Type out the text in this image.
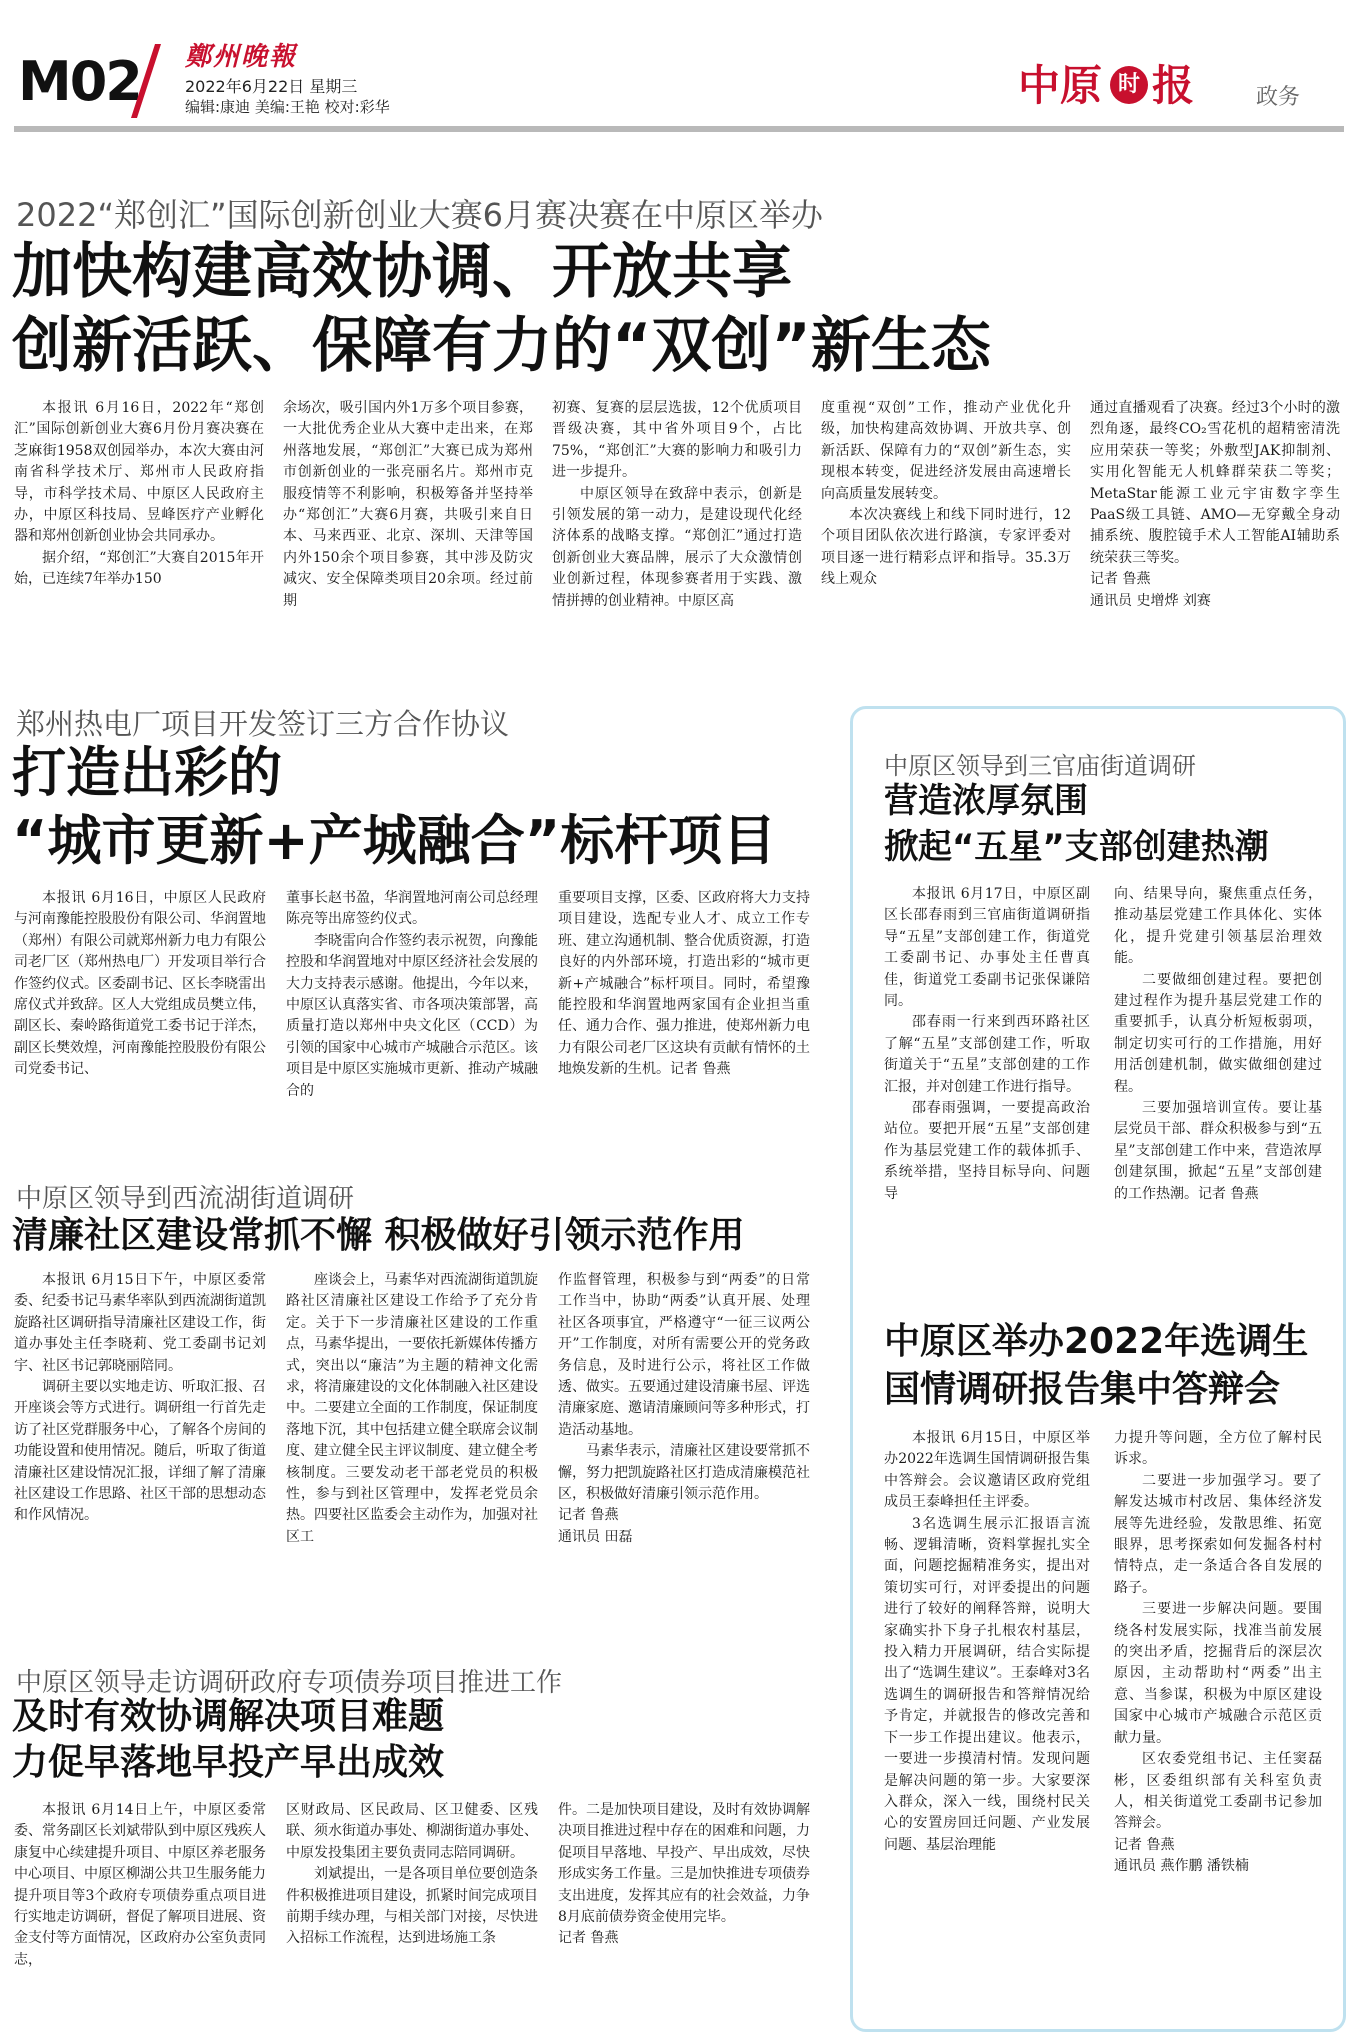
M02 鄭州晚報
2022年6月22日 星期三
编辑:康迪 美编:王艳 校对:彩华	中原 时 报	政务
2022“郑创汇”国际创新创业大赛6月赛决赛在中原区举办
加快构建高效协调、开放共享
创新活跃、保障有力的“双创”新生态

本报讯 6月16日，2022年“郑创汇”国际创新创业大赛6月份月赛决赛在芝麻街1958双创园举办，本次大赛由河南省科学技术厅、郑州市人民政府指导，市科学技术局、中原区人民政府主办，中原区科技局、昱峰医疗产业孵化器和郑州创新创业协会共同承办。

据介绍，“郑创汇”大赛自2015年开始，已连续7年举办150

余场次，吸引国内外1万多个项目参赛，一大批优秀企业从大赛中走出来，在郑州落地发展，“郑创汇”大赛已成为郑州市创新创业的一张亮丽名片。郑州市克服疫情等不利影响，积极筹备并坚持举办“郑创汇”大赛6月赛，共吸引来自日本、马来西亚、北京、深圳、天津等国内外150余个项目参赛，其中涉及防灾减灾、安全保障类项目20余项。经过前期

初赛、复赛的层层选拔，12个优质项目晋级决赛，其中省外项目9个，占比75%，“郑创汇”大赛的影响力和吸引力进一步提升。

中原区领导在致辞中表示，创新是引领发展的第一动力，是建设现代化经济体系的战略支撑。“郑创汇”通过打造创新创业大赛品牌，展示了大众激情创业创新过程，体现参赛者用于实践、激情拼搏的创业精神。中原区高

度重视“双创”工作，推动产业优化升级，加快构建高效协调、开放共享、创新活跃、保障有力的“双创”新生态，实现根本转变，促进经济发展由高速增长向高质量发展转变。

本次决赛线上和线下同时进行，12个项目团队依次进行路演，专家评委对项目逐一进行精彩点评和指导。35.3万线上观众

通过直播观看了决赛。经过3个小时的激烈角逐，最终CO₂雪花机的超精密清洗应用荣获一等奖；外敷型JAK抑制剂、实用化智能无人机蜂群荣获二等奖；MetaStar能源工业元宇宙数字孪生PaaS级工具链、AMO—无穿戴全身动捕系统、腹腔镜手术人工智能AI辅助系统荣获三等奖。

记者 鲁燕

通讯员 史增烨 刘赛

郑州热电厂项目开发签订三方合作协议
打造出彩的
“城市更新+产城融合”标杆项目

本报讯 6月16日，中原区人民政府与河南豫能控股股份有限公司、华润置地（郑州）有限公司就郑州新力电力有限公司老厂区（郑州热电厂）开发项目举行合作签约仪式。区委副书记、区长李晓雷出席仪式并致辞。区人大党组成员樊立伟，副区长、秦岭路街道党工委书记于洋杰，副区长樊效煌，河南豫能控股股份有限公司党委书记、

董事长赵书盈，华润置地河南公司总经理陈亮等出席签约仪式。

李晓雷向合作签约表示祝贺，向豫能控股和华润置地对中原区经济社会发展的大力支持表示感谢。他提出，今年以来，中原区认真落实省、市各项决策部署，高质量打造以郑州中央文化区（CCD）为引领的国家中心城市产城融合示范区。该项目是中原区实施城市更新、推动产城融合的

重要项目支撑，区委、区政府将大力支持项目建设，选配专业人才、成立工作专班、建立沟通机制、整合优质资源，打造良好的内外部环境，打造出彩的“城市更新+产城融合”标杆项目。同时，希望豫能控股和华润置地两家国有企业担当重任、通力合作、强力推进，使郑州新力电力有限公司老厂区这块有贡献有情怀的土地焕发新的生机。记者 鲁燕

中原区领导到西流湖街道调研
清廉社区建设常抓不懈 积极做好引领示范作用

本报讯 6月15日下午，中原区委常委、纪委书记马素华率队到西流湖街道凯旋路社区调研指导清廉社区建设工作，街道办事处主任李晓莉、党工委副书记刘宇、社区书记郭晓丽陪同。

调研主要以实地走访、听取汇报、召开座谈会等方式进行。调研组一行首先走访了社区党群服务中心，了解各个房间的功能设置和使用情况。随后，听取了街道清廉社区建设情况汇报，详细了解了清廉社区建设工作思路、社区干部的思想动态和作风情况。

座谈会上，马素华对西流湖街道凯旋路社区清廉社区建设工作给予了充分肯定。关于下一步清廉社区建设的工作重点，马素华提出，一要依托新媒体传播方式，突出以“廉洁”为主题的精神文化需求，将清廉建设的文化体制融入社区建设中。二要建立全面的工作制度，保证制度落地下沉，其中包括建立健全联席会议制度、建立健全民主评议制度、建立健全考核制度。三要发动老干部老党员的积极性，参与到社区管理中，发挥老党员余热。四要社区监委会主动作为，加强对社区工

作监督管理，积极参与到“两委”的日常工作当中，协助“两委”认真开展、处理社区各项事宜，严格遵守“一征三议两公开”工作制度，对所有需要公开的党务政务信息，及时进行公示，将社区工作做透、做实。五要通过建设清廉书屋、评选清廉家庭、邀请清廉顾问等多种形式，打造活动基地。

马素华表示，清廉社区建设要常抓不懈，努力把凯旋路社区打造成清廉模范社区，积极做好清廉引领示范作用。

记者 鲁燕

通讯员 田磊

中原区领导走访调研政府专项债券项目推进工作
及时有效协调解决项目难题
力促早落地早投产早出成效

本报讯 6月14日上午，中原区委常委、常务副区长刘斌带队到中原区残疾人康复中心续建提升项目、中原区养老服务中心项目、中原区柳湖公共卫生服务能力提升项目等3个政府专项债券重点项目进行实地走访调研，督促了解项目进展、资金支付等方面情况，区政府办公室负责同志，

区财政局、区民政局、区卫健委、区残联、须水街道办事处、柳湖街道办事处、中原发投集团主要负责同志陪同调研。

刘斌提出，一是各项目单位要创造条件积极推进项目建设，抓紧时间完成项目前期手续办理，与相关部门对接，尽快进入招标工作流程，达到进场施工条

件。二是加快项目建设，及时有效协调解决项目推进过程中存在的困难和问题，力促项目早落地、早投产、早出成效，尽快形成实务工作量。三是加快推进专项债券支出进度，发挥其应有的社会效益，力争8月底前债券资金使用完毕。

记者 鲁燕

中原区领导到三官庙街道调研
营造浓厚氛围
掀起“五星”支部创建热潮

本报讯 6月17日，中原区副区长邵春雨到三官庙街道调研指导“五星”支部创建工作，街道党工委副书记、办事处主任曹真佳，街道党工委副书记张保谦陪同。

邵春雨一行来到西环路社区了解“五星”支部创建工作，听取街道关于“五星”支部创建的工作汇报，并对创建工作进行指导。

邵春雨强调，一要提高政治站位。要把开展“五星”支部创建作为基层党建工作的载体抓手、系统举措，坚持目标导向、问题导

向、结果导向，聚焦重点任务，推动基层党建工作具体化、实体化，提升党建引领基层治理效能。

二要做细创建过程。要把创建过程作为提升基层党建工作的重要抓手，认真分析短板弱项，制定切实可行的工作措施，用好用活创建机制，做实做细创建过程。

三要加强培训宣传。要让基层党员干部、群众积极参与到“五星”支部创建工作中来，营造浓厚创建氛围，掀起“五星”支部创建的工作热潮。记者 鲁燕

中原区举办2022年选调生
国情调研报告集中答辩会

本报讯 6月15日，中原区举办2022年选调生国情调研报告集中答辩会。会议邀请区政府党组成员王泰峰担任主评委。

3名选调生展示汇报语言流畅、逻辑清晰，资料掌握扎实全面，问题挖掘精准务实，提出对策切实可行，对评委提出的问题进行了较好的阐释答辩，说明大家确实扑下身子扎根农村基层，投入精力开展调研，结合实际提出了“选调生建议”。王泰峰对3名选调生的调研报告和答辩情况给予肯定，并就报告的修改完善和下一步工作提出建议。他表示，一要进一步摸清村情。发现问题是解决问题的第一步。大家要深入群众，深入一线，围绕村民关心的安置房回迁问题、产业发展问题、基层治理能

力提升等问题，全方位了解村民诉求。

二要进一步加强学习。要了解发达城市村改居、集体经济发展等先进经验，发散思维、拓宽眼界，思考探索如何发掘各村村情特点，走一条适合各自发展的路子。

三要进一步解决问题。要围绕各村发展实际，找准当前发展的突出矛盾，挖掘背后的深层次原因，主动帮助村“两委”出主意、当参谋，积极为中原区建设国家中心城市产城融合示范区贡献力量。

区农委党组书记、主任窦磊彬，区委组织部有关科室负责人，相关街道党工委副书记参加答辩会。

记者 鲁燕

通讯员 燕作鹏 潘铁楠
